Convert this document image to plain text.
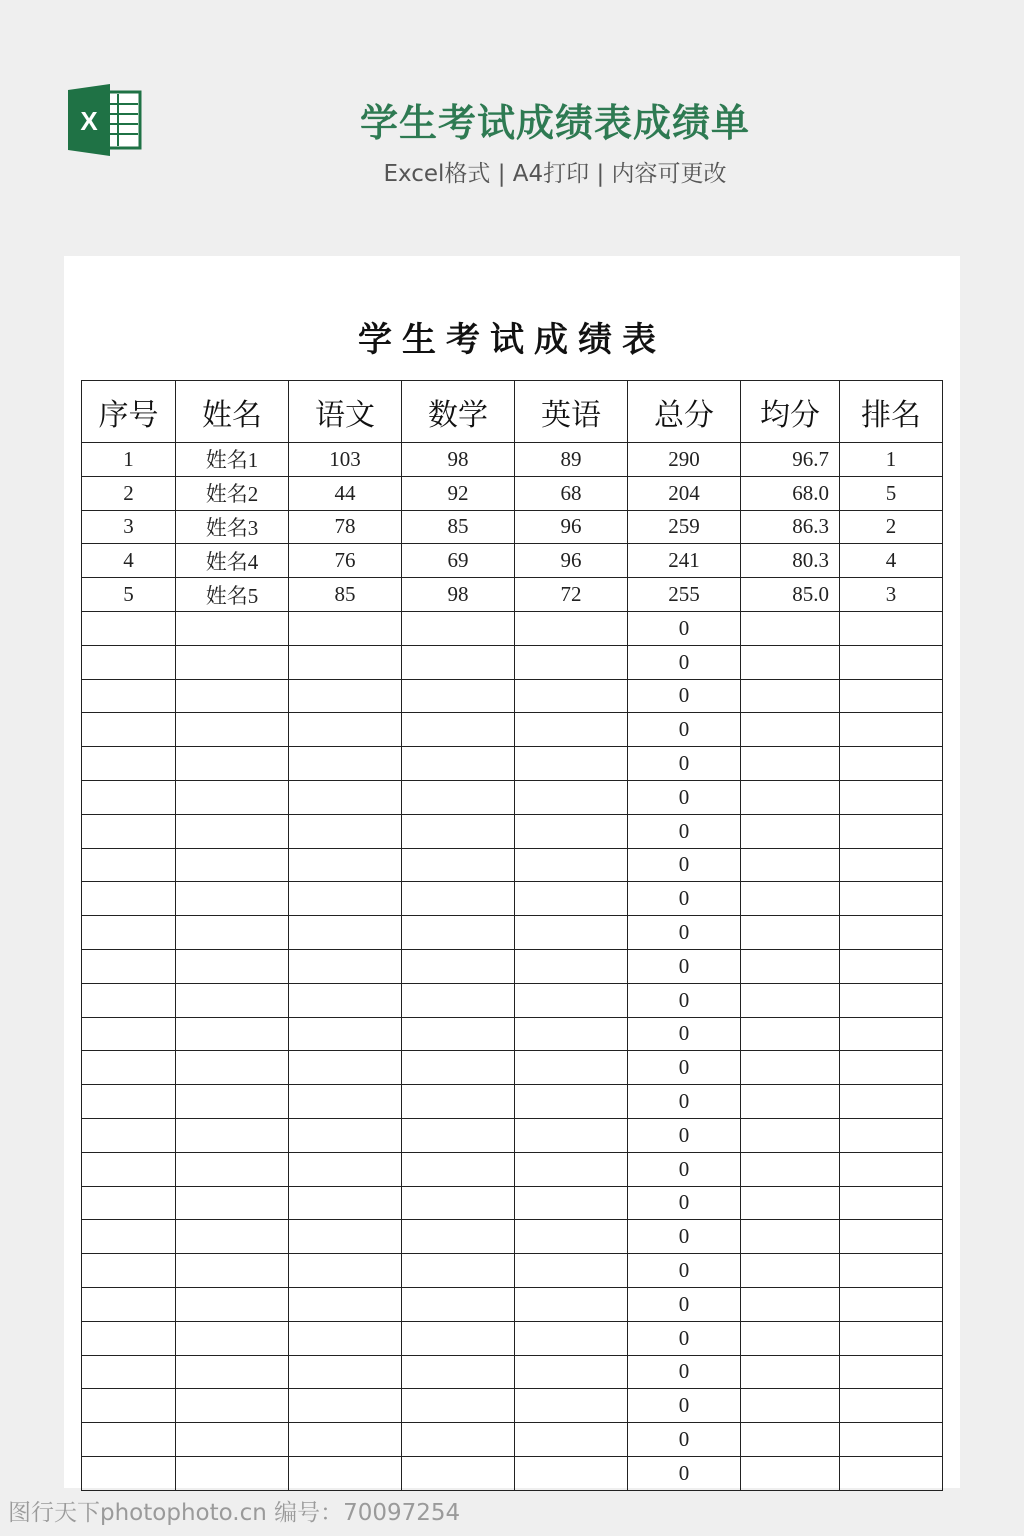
X	学生考试成绩表成绩单
Excel格式 | A4打印 | 内容可更改
学生考试成绩表
序号	姓名	语文	数学	英语	总分	均分	排名
1	姓名1	103	98	89	290	96.7	1
2	姓名2	44	92	68	204	68.0	5
3	姓名3	78	85	96	259	86.3	2
4	姓名4	76	69	96	241	80.3	4
5	姓名5	85	98	72	255	85.0	3
					0		
					0		
					0		
					0		
					0		
					0		
					0		
					0		
					0		
					0		
					0		
					0		
					0		
					0		
					0		
					0		
					0		
					0		
					0		
					0		
					0		
					0		
					0		
					0		
					0		
					0		
图行天下photophoto.cn 编号：70097254
